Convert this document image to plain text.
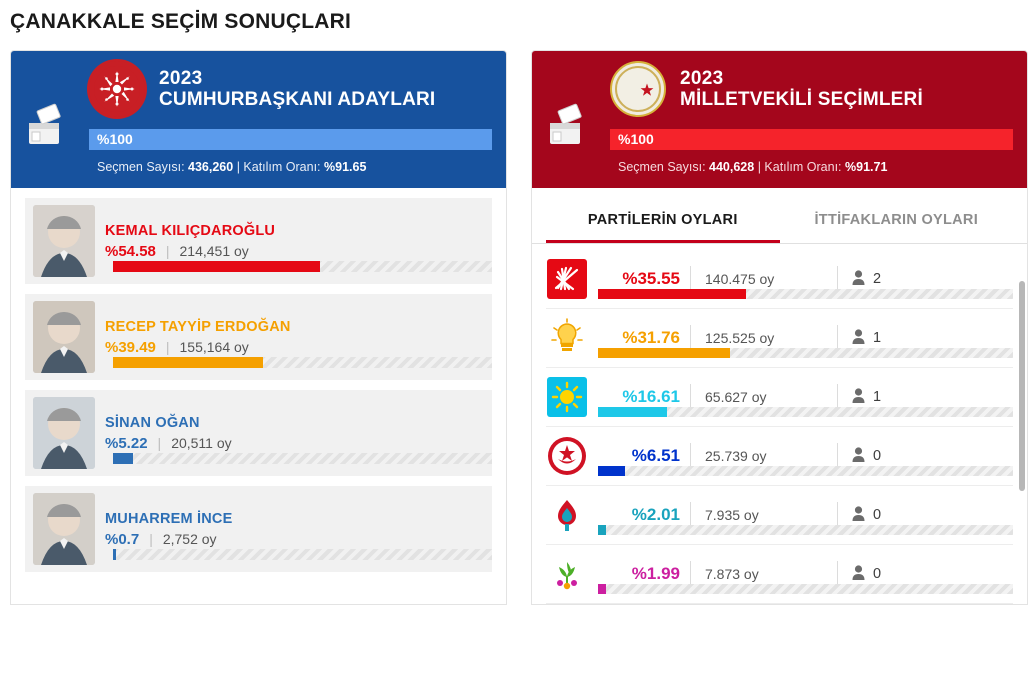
ÇANAKKALE SEÇİM SONUÇLARI
2023
CUMHURBAŞKANI ADAYLARI
%100
Seçmen Sayısı: 436,260 | Katılım Oranı: %91.65
KEMAL KILIÇDAROĞLU
%54.58 | 214,451 oy
RECEP TAYYİP ERDOĞAN
%39.49 | 155,164 oy
SİNAN OĞAN
%5.22 | 20,511 oy
MUHARREM İNCE
%0.7 | 2,752 oy
2023
MİLLETVEKİLİ SEÇİMLERİ
%100
Seçmen Sayısı: 440,628 | Katılım Oranı: %91.71
PARTİLERİN OYLARI	İTTİFAKLARIN OYLARI
%35.55	140.475 oy	2
%31.76	125.525 oy	1
%16.61	65.627 oy	1
%6.51	25.739 oy	0
%2.01	7.935 oy	0
%1.99	7.873 oy	0
